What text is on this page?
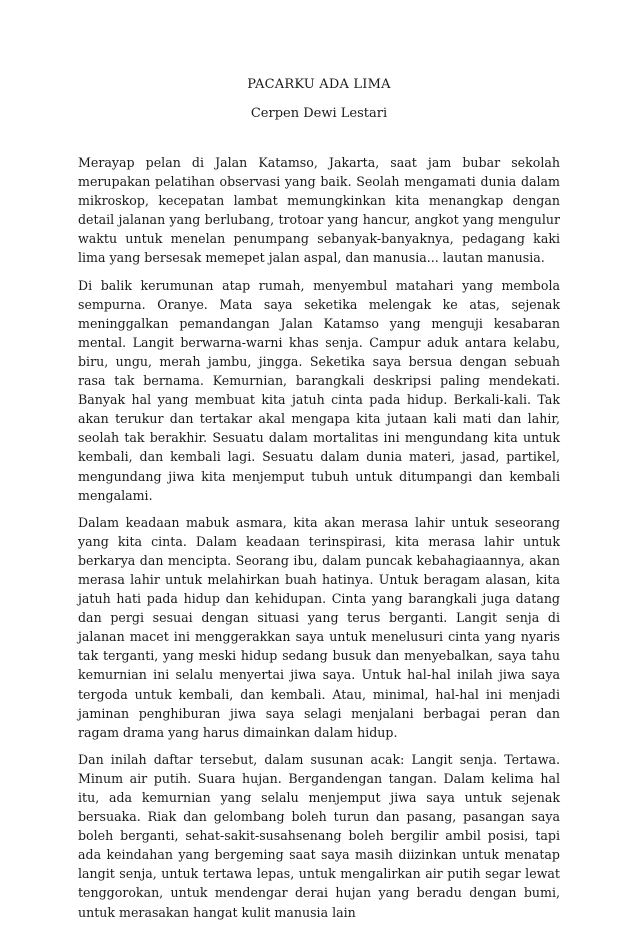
PACARKU ADA LIMA
Cerpen Dewi Lestari

Merayap pelan di Jalan Katamso, Jakarta, saat jam bubar sekolah merupakan pelatihan observasi yang baik. Seolah mengamati dunia dalam mikroskop, kecepatan lambat memungkinkan kita menangkap dengan detail jalanan yang berlubang, trotoar yang hancur, angkot yang mengulur waktu untuk menelan penumpang sebanyak-banyaknya, pedagang kaki lima yang bersesak memepet jalan aspal, dan manusia... lautan manusia.

Di balik kerumunan atap rumah, menyembul matahari yang membola sempurna. Oranye. Mata saya seketika melengak ke atas, sejenak meninggalkan pemandangan Jalan Katamso yang menguji kesabaran mental. Langit berwarna-warni khas senja. Campur aduk antara kelabu, biru, ungu, merah jambu, jingga. Seketika saya bersua dengan sebuah rasa tak bernama. Kemurnian, barangkali deskripsi paling mendekati. Banyak hal yang membuat kita jatuh cinta pada hidup. Berkali-kali. Tak akan terukur dan tertakar akal mengapa kita jutaan kali mati dan lahir, seolah tak berakhir. Sesuatu dalam mortalitas ini mengundang kita untuk kembali, dan kembali lagi. Sesuatu dalam dunia materi, jasad, partikel, mengundang jiwa kita menjemput tubuh untuk ditumpangi dan kembali mengalami.

Dalam keadaan mabuk asmara, kita akan merasa lahir untuk seseorang yang kita cinta. Dalam keadaan terinspirasi, kita merasa lahir untuk berkarya dan mencipta. Seorang ibu, dalam puncak kebahagiaannya, akan merasa lahir untuk melahirkan buah hatinya. Untuk beragam alasan, kita jatuh hati pada hidup dan kehidupan. Cinta yang barangkali juga datang dan pergi sesuai dengan situasi yang terus berganti. Langit senja di jalanan macet ini menggerakkan saya untuk menelusuri cinta yang nyaris tak terganti, yang meski hidup sedang busuk dan menyebalkan, saya tahu kemurnian ini selalu menyertai jiwa saya. Untuk hal-hal inilah jiwa saya tergoda untuk kembali, dan kembali. Atau, minimal, hal-hal ini menjadi jaminan penghiburan jiwa saya selagi menjalani berbagai peran dan ragam drama yang harus dimainkan dalam hidup.

Dan inilah daftar tersebut, dalam susunan acak: Langit senja. Tertawa. Minum air putih. Suara hujan. Bergandengan tangan. Dalam kelima hal itu, ada kemurnian yang selalu menjemput jiwa saya untuk sejenak bersuaka. Riak dan gelombang boleh turun dan pasang, pasangan saya boleh berganti, sehat-sakit-susahsenang boleh bergilir ambil posisi, tapi ada keindahan yang bergeming saat saya masih diizinkan untuk menatap langit senja, untuk tertawa lepas, untuk mengalirkan air putih segar lewat tenggorokan, untuk mendengar derai hujan yang beradu dengan bumi, untuk merasakan hangat kulit manusia lain
